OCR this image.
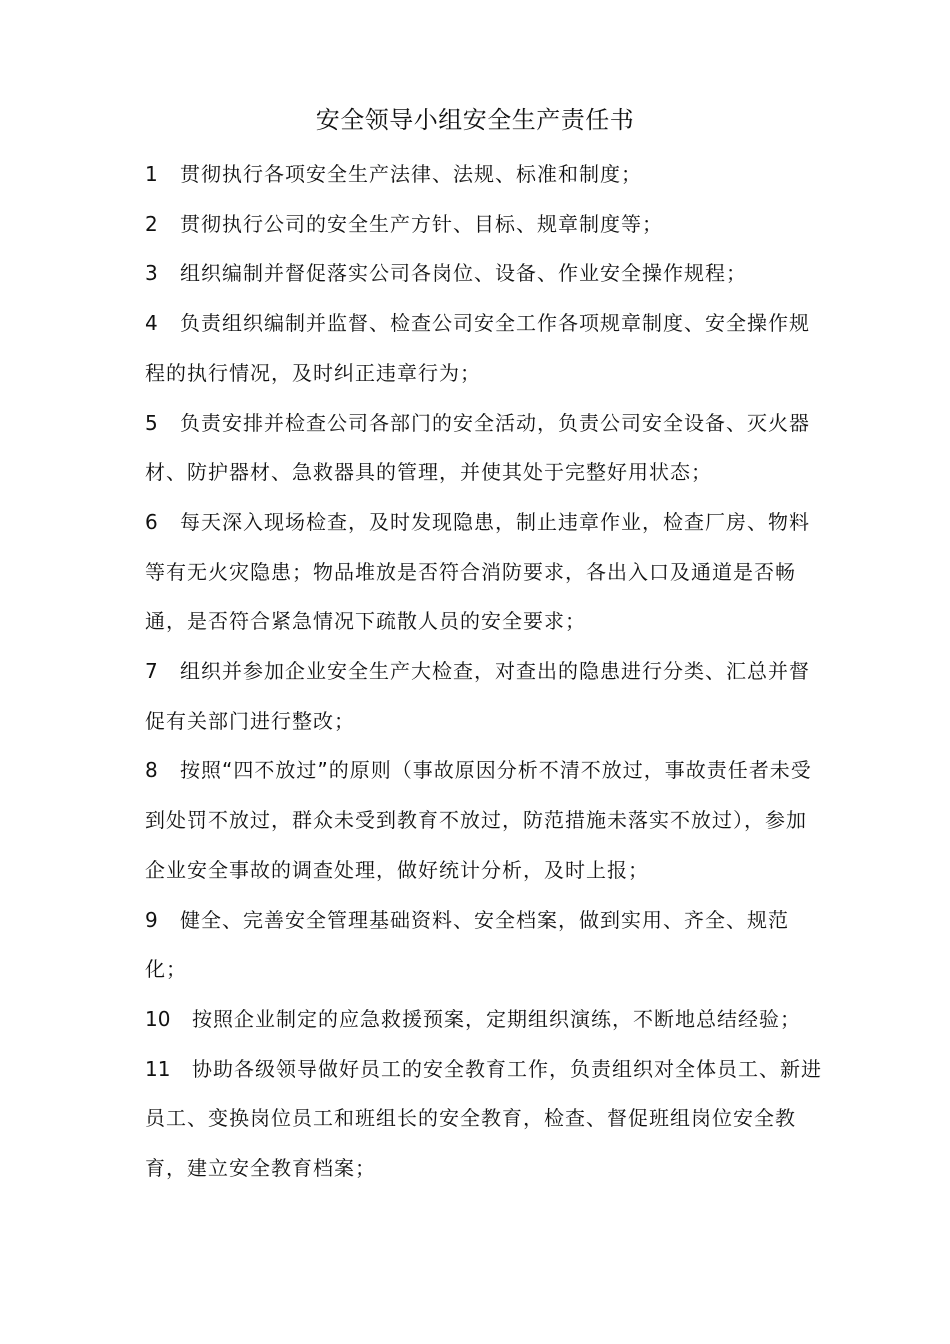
安全领导小组安全生产责任书
1 贯彻执行各项安全生产法律、法规、标准和制度；
2 贯彻执行公司的安全生产方针、目标、规章制度等；
3 组织编制并督促落实公司各岗位、设备、作业安全操作规程；
4 负责组织编制并监督、检查公司安全工作各项规章制度、安全操作规程的执行情况，及时纠正违章行为；
5 负责安排并检查公司各部门的安全活动，负责公司安全设备、灭火器材、防护器材、急救器具的管理，并使其处于完整好用状态；
6 每天深入现场检查，及时发现隐患，制止违章作业，检查厂房、物料等有无火灾隐患；物品堆放是否符合消防要求，各出入口及通道是否畅通，是否符合紧急情况下疏散人员的安全要求；
7 组织并参加企业安全生产大检查，对查出的隐患进行分类、汇总并督促有关部门进行整改；
8 按照“四不放过”的原则（事故原因分析不清不放过，事故责任者未受到处罚不放过，群众未受到教育不放过，防范措施未落实不放过），参加企业安全事故的调查处理，做好统计分析，及时上报；
9 健全、完善安全管理基础资料、安全档案，做到实用、齐全、规范化；
10 按照企业制定的应急救援预案，定期组织演练，不断地总结经验；
11 协助各级领导做好员工的安全教育工作，负责组织对全体员工、新进员工、变换岗位员工和班组长的安全教育，检查、督促班组岗位安全教育，建立安全教育档案；
